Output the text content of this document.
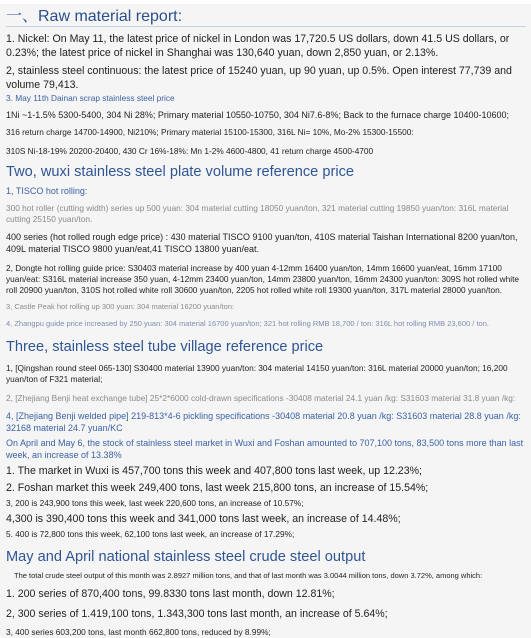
一、Raw material report:

1. Nickel: On May 11, the latest price of nickel in London was 17,720.5 US dollars, down 41.5 US dollars, or 0.23%; the latest price of nickel in Shanghai was 130,640 yuan, down 2,850 yuan, or 2.13%.

2, stainless steel continuous: the latest price of 15240 yuan, up 90 yuan, up 0.5%. Open interest 77,739 and volume 79,413.

3. May 11th Dainan scrap stainless steel price

1Ni ~1-1.5% 5300-5400, 304 Ni 28%; Primary material 10550-10750, 304 Ni7.6-8%; Back to the furnace charge 10400-10600;

316 return charge 14700-14900, Ni210%; Primary material 15100-15300, 316L Ni= 10%, Mo-2% 15300-15500:

310S Ni-18-19% 20200-20400, 430 Cr 16%-18%: Mn 1-2% 4600-4800, 41 return charge 4500-4700

Two, wuxi stainless steel plate volume reference price

1, TISCO hot rolling:

300 hot roller (cutting width) series up 500 yuan: 304 material cutting 18050 yuan/ton, 321 material cutting 19850 yuan/ton: 316L material cutting 25150 yuan/ton.

400 series (hot rolled rough edge price) : 430 material TISCO 9100 yuan/ton, 410S material Taishan International 8200 yuan/ton, 409L material TISCO 9800 yuan/eat,41 TISCO 13800 yuan/eat.

2, Dongte hot rolling guide price: S30403 material increase by 400 yuan 4-12mm 16400 yuan/ton, 14mm 16600 yuan/eat, 16mm 17100 yuan/eat: S316L material increase 350 yuan, 4-12mm 23400 yuan/ton, 14mm 23800 yuan/ton, 16mm 24300 yuan/ton: 309S hot rolled white roll 20900 yuan/ton, 310S hot rolled white roll 30600 yuan/ton, 2205 hot rolled white roll 19300 yuan/ton, 317L material 28000 yuan/ton.

3, Castle Peak hot rolling up 300 yuan: 304 material 16200 yuan/ton:

4, Zhangpu guide price increased by 250 yuan: 304 material 16700 yuan/ton; 321 hot rolling RMB 18,700 / ton: 316L hot rolling RMB 23,600 / ton.

Three, stainless steel tube village reference price

1, [Qingshan round steel 065-130] S30400 material 13900 yuan/ton: 304 material 14150 yuan/ton: 316L material 20000 yuan/ton; 16,200 yuan/ton of F321 material;

2, [Zhejiang Benji heat exchange tube] 25*2*6000 cold-drawn specifications -30408 material 24.1 yuan /kg: S31603 material 31.8 yuan /kg:

4, [Zhejiang Benji welded pipe] 219-813*4-6 pickling specifications -30408 material 20.8 yuan /kg: S31603 material 28.8 yuan /kg: 32168 material 24.7 yuan/KC

On April and May 6, the stock of stainless steel market in Wuxi and Foshan amounted to 707,100 tons, 83,500 tons more than last week, an increase of 13.38%

1. The market in Wuxi is 457,700 tons this week and 407,800 tons last week, up 12.23%;

2. Foshan market this week 249,400 tons, last week 215,800 tons, an increase of 15.54%;

3, 200 is 243,900 tons this week, last week 220,600 tons, an increase of 10.57%;

4,300 is 390,400 tons this week and 341,000 tons last week, an increase of 14.48%;

5. 400 is 72,800 tons this week, 62,100 tons last week, an increase of 17.29%;

May and April national stainless steel crude steel output

The total crude steel output of this month was 2.8927 million tons, and that of last month was 3.0044 million tons, down 3.72%, among which:

1. 200 series of 870,400 tons, 99.8330 tons last month, down 12.81%;

2, 300 series of 1.419,100 tons, 1.343,300 tons last month, an increase of 5.64%;

3, 400 series 603,200 tons, last month 662,800 tons, reduced by 8.99%;
